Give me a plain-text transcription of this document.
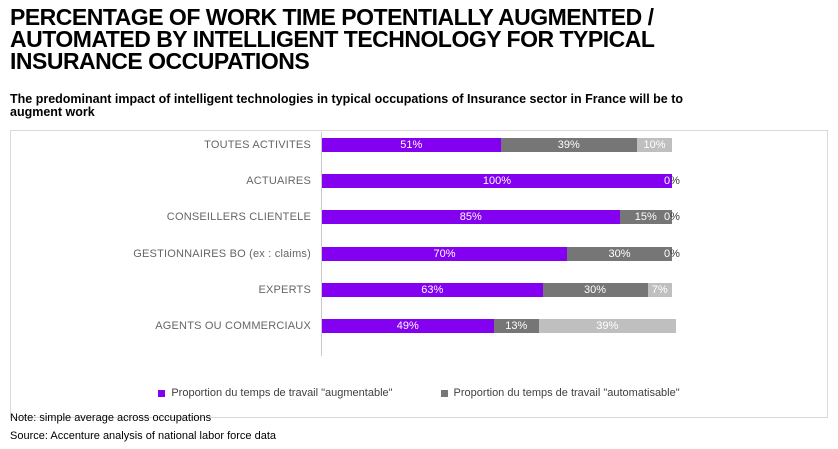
PERCENTAGE OF WORK TIME POTENTIALLY AUGMENTED / AUTOMATED BY INTELLIGENT TECHNOLOGY FOR TYPICAL INSURANCE OCCUPATIONS
The predominant impact of intelligent technologies in typical occupations of Insurance sector in France will be to augment work
TOUTES ACTIVITES	51%	39%	10%
ACTUAIRES	100%	0%
CONSEILLERS CLIENTELE	85%	15% 0%
GESTIONNAIRES BO (ex : claims)	70%	30%	0%
EXPERTS	63%	30%	7%
AGENTS OU COMMERCIAUX	49%	13%	39%
Proportion du temps de travail "augmentable"	Proportion du temps de travail "automatisable"
Note: simple average across occupations
Source: Accenture analysis of national labor force data
